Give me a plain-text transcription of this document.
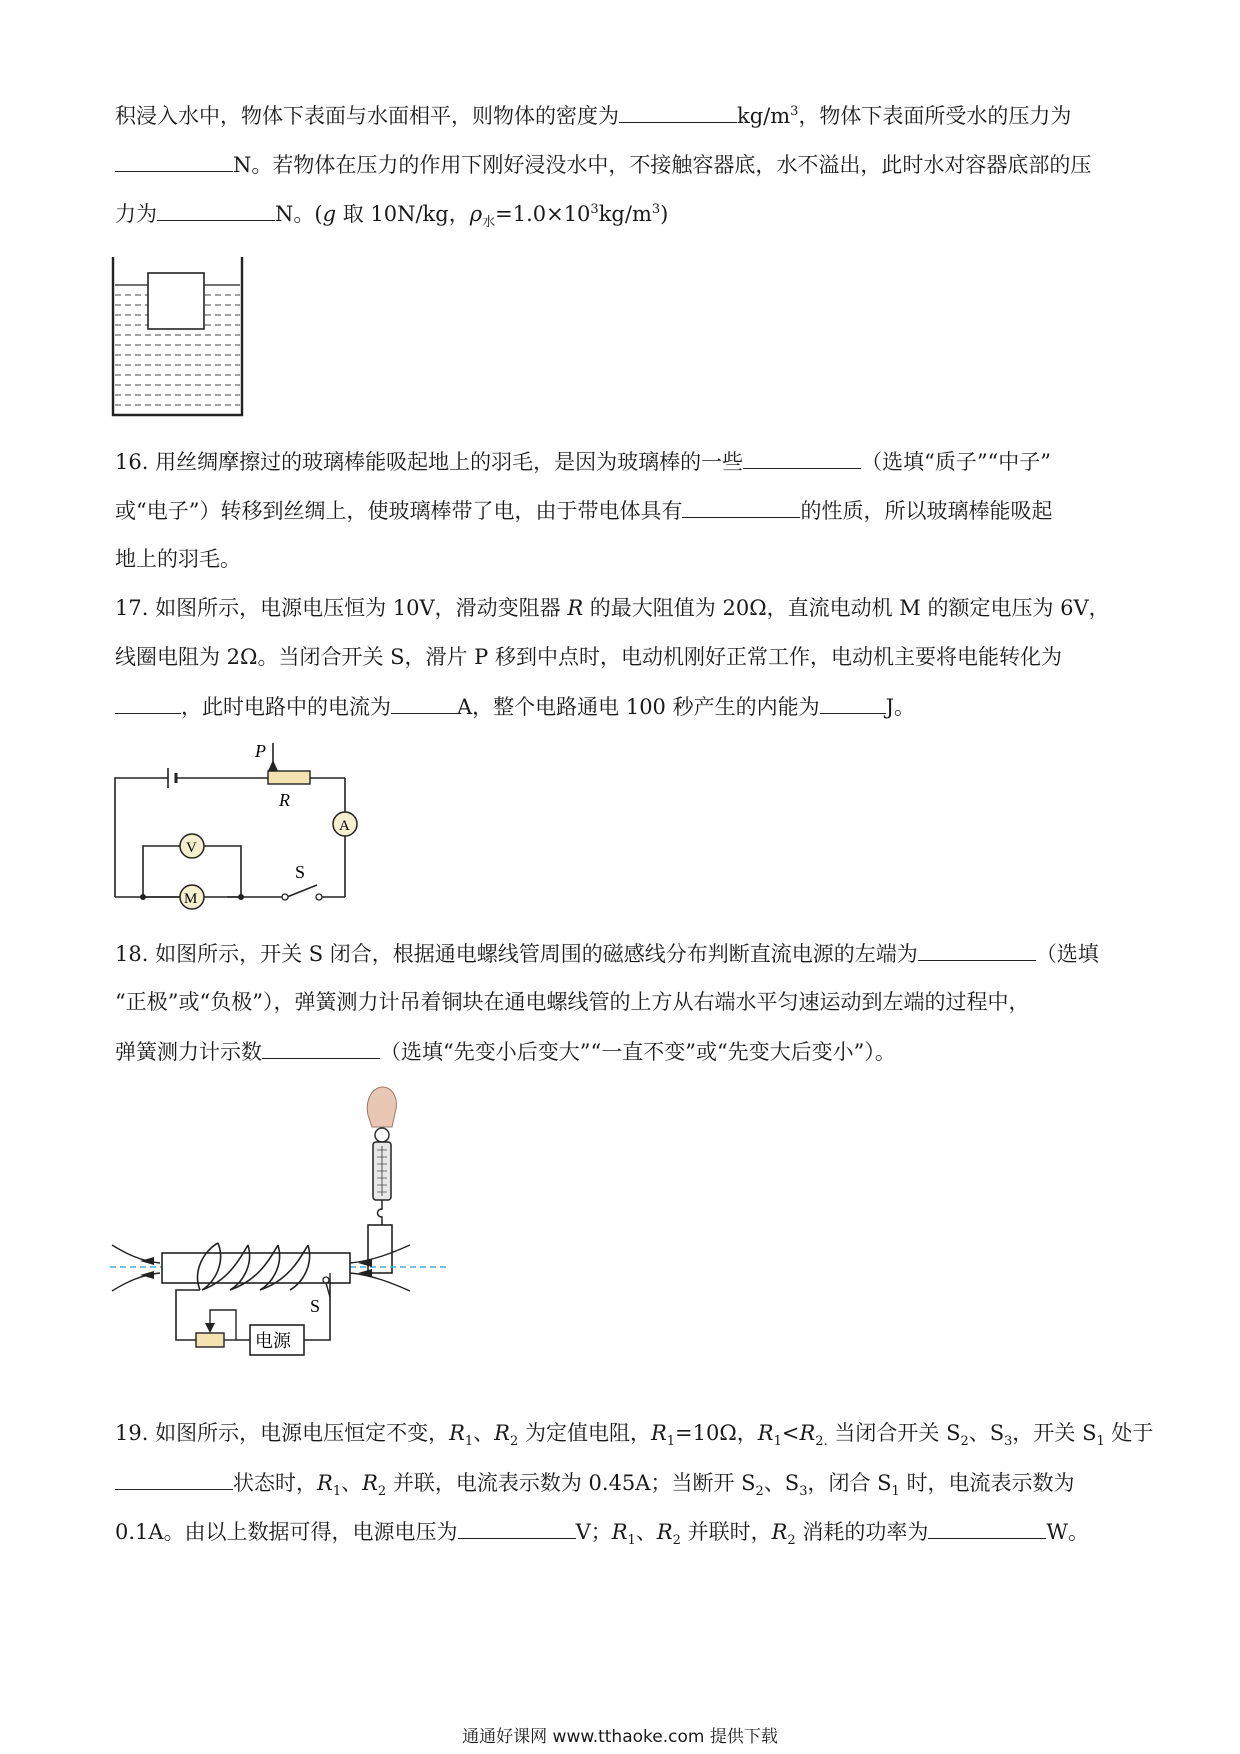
积浸入水中，物体下表面与水面相平，则物体的密度为	$kg/m^3$，物体下表面所受水的压力为
N。若物体在压力的作用下刚好浸没水中，不接触容器底，水不溢出，此时水对容器底部的压
力为	N。(g 取 10N/kg，$\rho_水=1.0\times 10^3kg/m^3$)
16. 用丝绸摩擦过的玻璃棒能吸起地上的羽毛，是因为玻璃棒的一些	（选填“质子”“中子”
或“电子”）转移到丝绸上，使玻璃棒带了电，由于带电体具有	的性质，所以玻璃棒能吸起
地上的羽毛。
17. 如图所示，电源电压恒为 10V，滑动变阻器 R 的最大阻值为 20Ω，直流电动机 M 的额定电压为 6V，
线圈电阻为 2Ω。当闭合开关 S，滑片 P 移到中点时，电动机刚好正常工作，电动机主要将电能转化为
，此时电路中的电流为	A，整个电路通电 100 秒产生的内能为	J。
P
R
A
V
M
S
18. 如图所示，开关 S 闭合，根据通电螺线管周围的磁感线分布判断直流电源的左端为	（选填
“正极”或“负极”），弹簧测力计吊着铜块在通电螺线管的上方从右端水平匀速运动到左端的过程中，
弹簧测力计示数	（选填“先变小后变大”“一直不变”或“先变大后变小”）。
电源
S
19. 如图所示，电源电压恒定不变，$R_1$、$R_2$ 为定值电阻，$R_1=10\Omega$，$R_1<R_{2.}$ 当闭合开关 $S_2$、$S_3$，开关 $S_1$ 处于
状态时，$R_1$、$R_2$ 并联，电流表示数为 0.45A；当断开 $S_2$、$S_3$，闭合 $S_1$ 时，电流表示数为
0.1A。由以上数据可得，电源电压为	V；$R_1$、$R_2$ 并联时，$R_2$ 消耗的功率为	W。
通通好课网 www.tthaoke.com 提供下载
